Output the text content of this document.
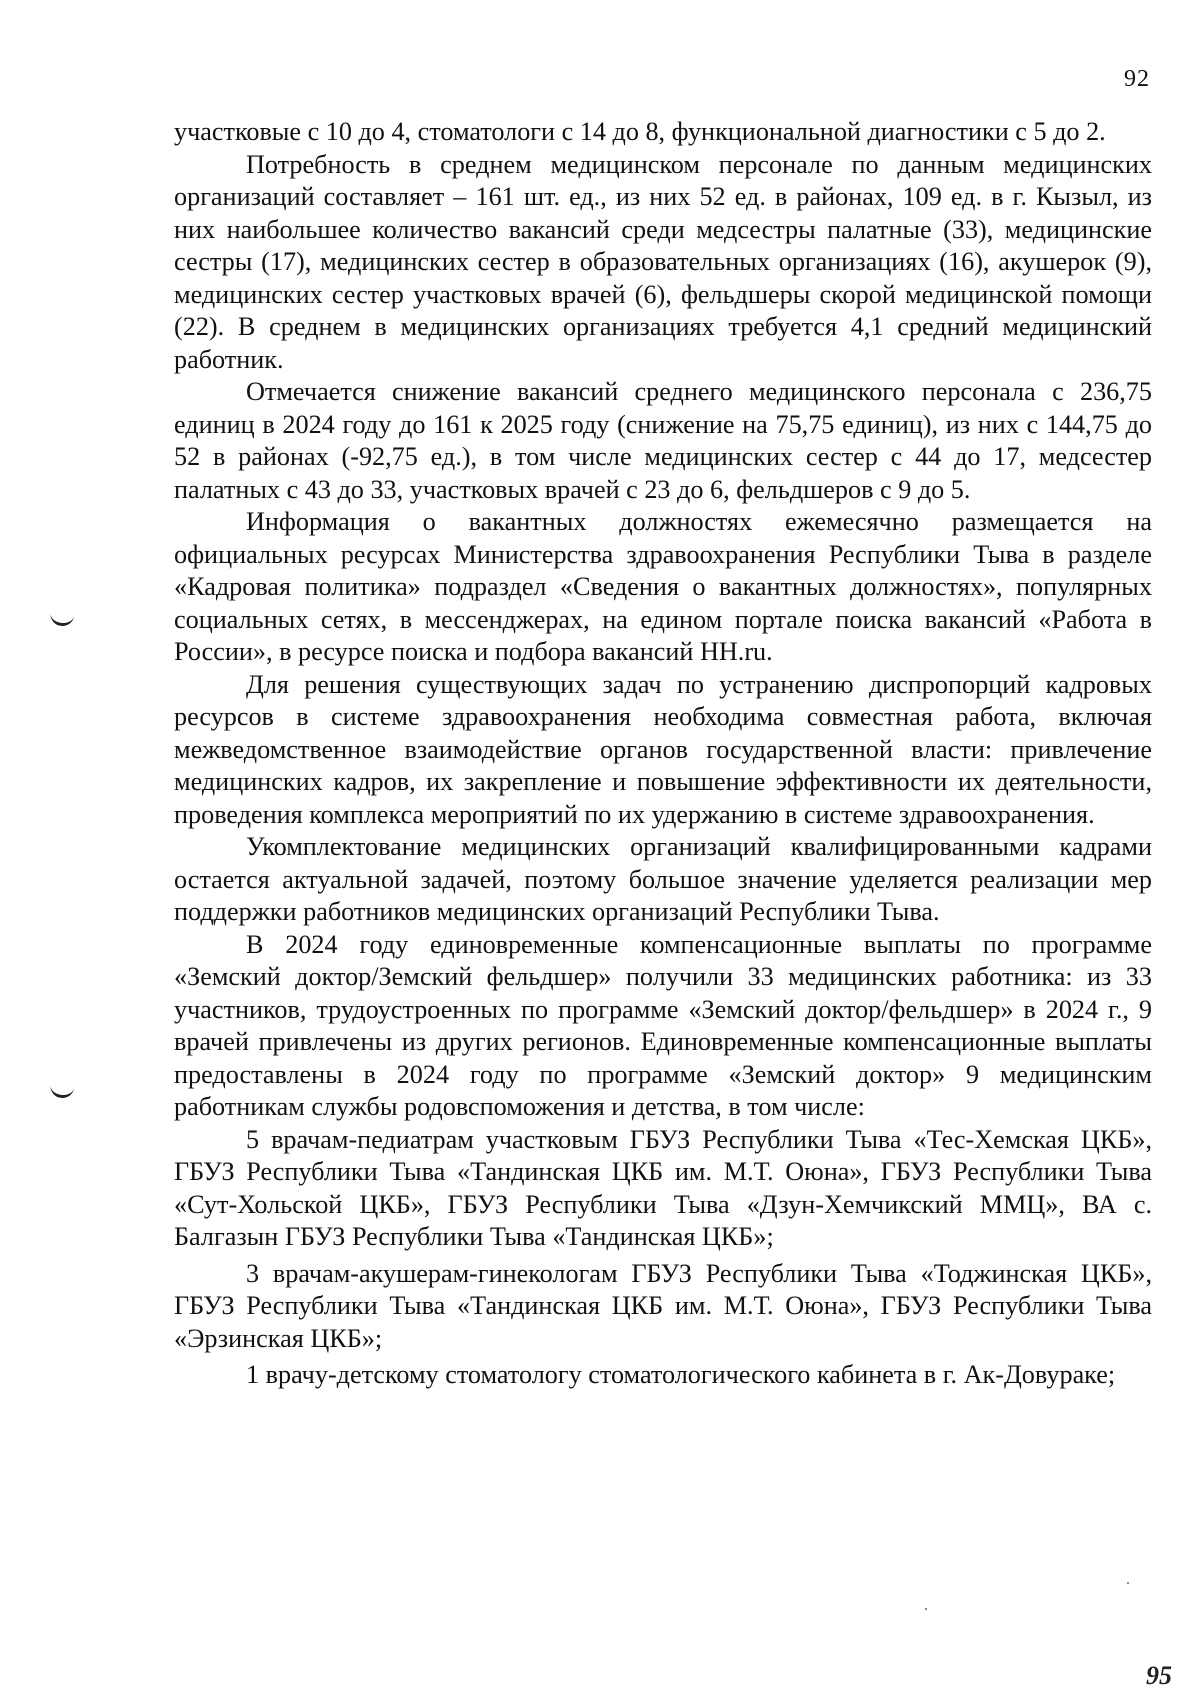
92

участковые с 10 до 4, стоматологи с 14 до 8, функциональной диагностики с 5 до 2.

Потребность в среднем медицинском персонале по данным медицинских организаций составляет – 161 шт. ед., из них 52 ед. в районах, 109 ед. в г. Кызыл, из них наибольшее количество вакансий среди медсестры палатные (33), медицинские сестры (17), медицинских сестер в образовательных организациях (16), акушерок (9), медицинских сестер участковых врачей (6), фельдшеры скорой медицинской помощи (22). В среднем в медицинских организациях требуется 4,1 средний медицинский работник.

Отмечается снижение вакансий среднего медицинского персонала с 236,75 единиц в 2024 году до 161 к 2025 году (снижение на 75,75 единиц), из них с 144,75 до 52 в районах (-92,75 ед.), в том числе медицинских сестер с 44 до 17, медсестер палатных с 43 до 33, участковых врачей с 23 до 6, фельдшеров с 9 до 5.

Информация о вакантных должностях ежемесячно размещается на официальных ресурсах Министерства здравоохранения Республики Тыва в разделе «Кадровая политика» подраздел «Сведения о вакантных должностях», популярных социальных сетях, в мессенджерах, на едином портале поиска вакансий «Работа в России», в ресурсе поиска и подбора вакансий HH.ru.

Для решения существующих задач по устранению диспропорций кадровых ресурсов в системе здравоохранения необходима совместная работа, включая межведомственное взаимодействие органов государственной власти: привлечение медицинских кадров, их закрепление и повышение эффективности их деятельности, проведения комплекса мероприятий по их удержанию в системе здравоохранения.

Укомплектование медицинских организаций квалифицированными кадрами остается актуальной задачей, поэтому большое значение уделяется реализации мер поддержки работников медицинских организаций Республики Тыва.

В 2024 году единовременные компенсационные выплаты по программе «Земский доктор/Земский фельдшер» получили 33 медицинских работника: из 33 участников, трудоустроенных по программе «Земский доктор/фельдшер» в 2024 г., 9 врачей привлечены из других регионов. Единовременные компенсационные выплаты предоставлены в 2024 году по программе «Земский доктор» 9 медицинским работникам службы родовспоможения и детства, в том числе:

5 врачам-педиатрам участковым ГБУЗ Республики Тыва «Тес-Хемская ЦКБ», ГБУЗ Республики Тыва «Тандинская ЦКБ им. М.Т. Оюна», ГБУЗ Республики Тыва «Сут-Хольской ЦКБ», ГБУЗ Республики Тыва «Дзун-Хемчикский ММЦ», ВА с. Балгазын ГБУЗ Республики Тыва «Тандинская ЦКБ»;

3 врачам-акушерам-гинекологам ГБУЗ Республики Тыва «Тоджинская ЦКБ», ГБУЗ Республики Тыва «Тандинская ЦКБ им. М.Т. Оюна», ГБУЗ Республики Тыва «Эрзинская ЦКБ»;

1 врачу-детскому стоматологу стоматологического кабинета в г. Ак-Довураке;

95
